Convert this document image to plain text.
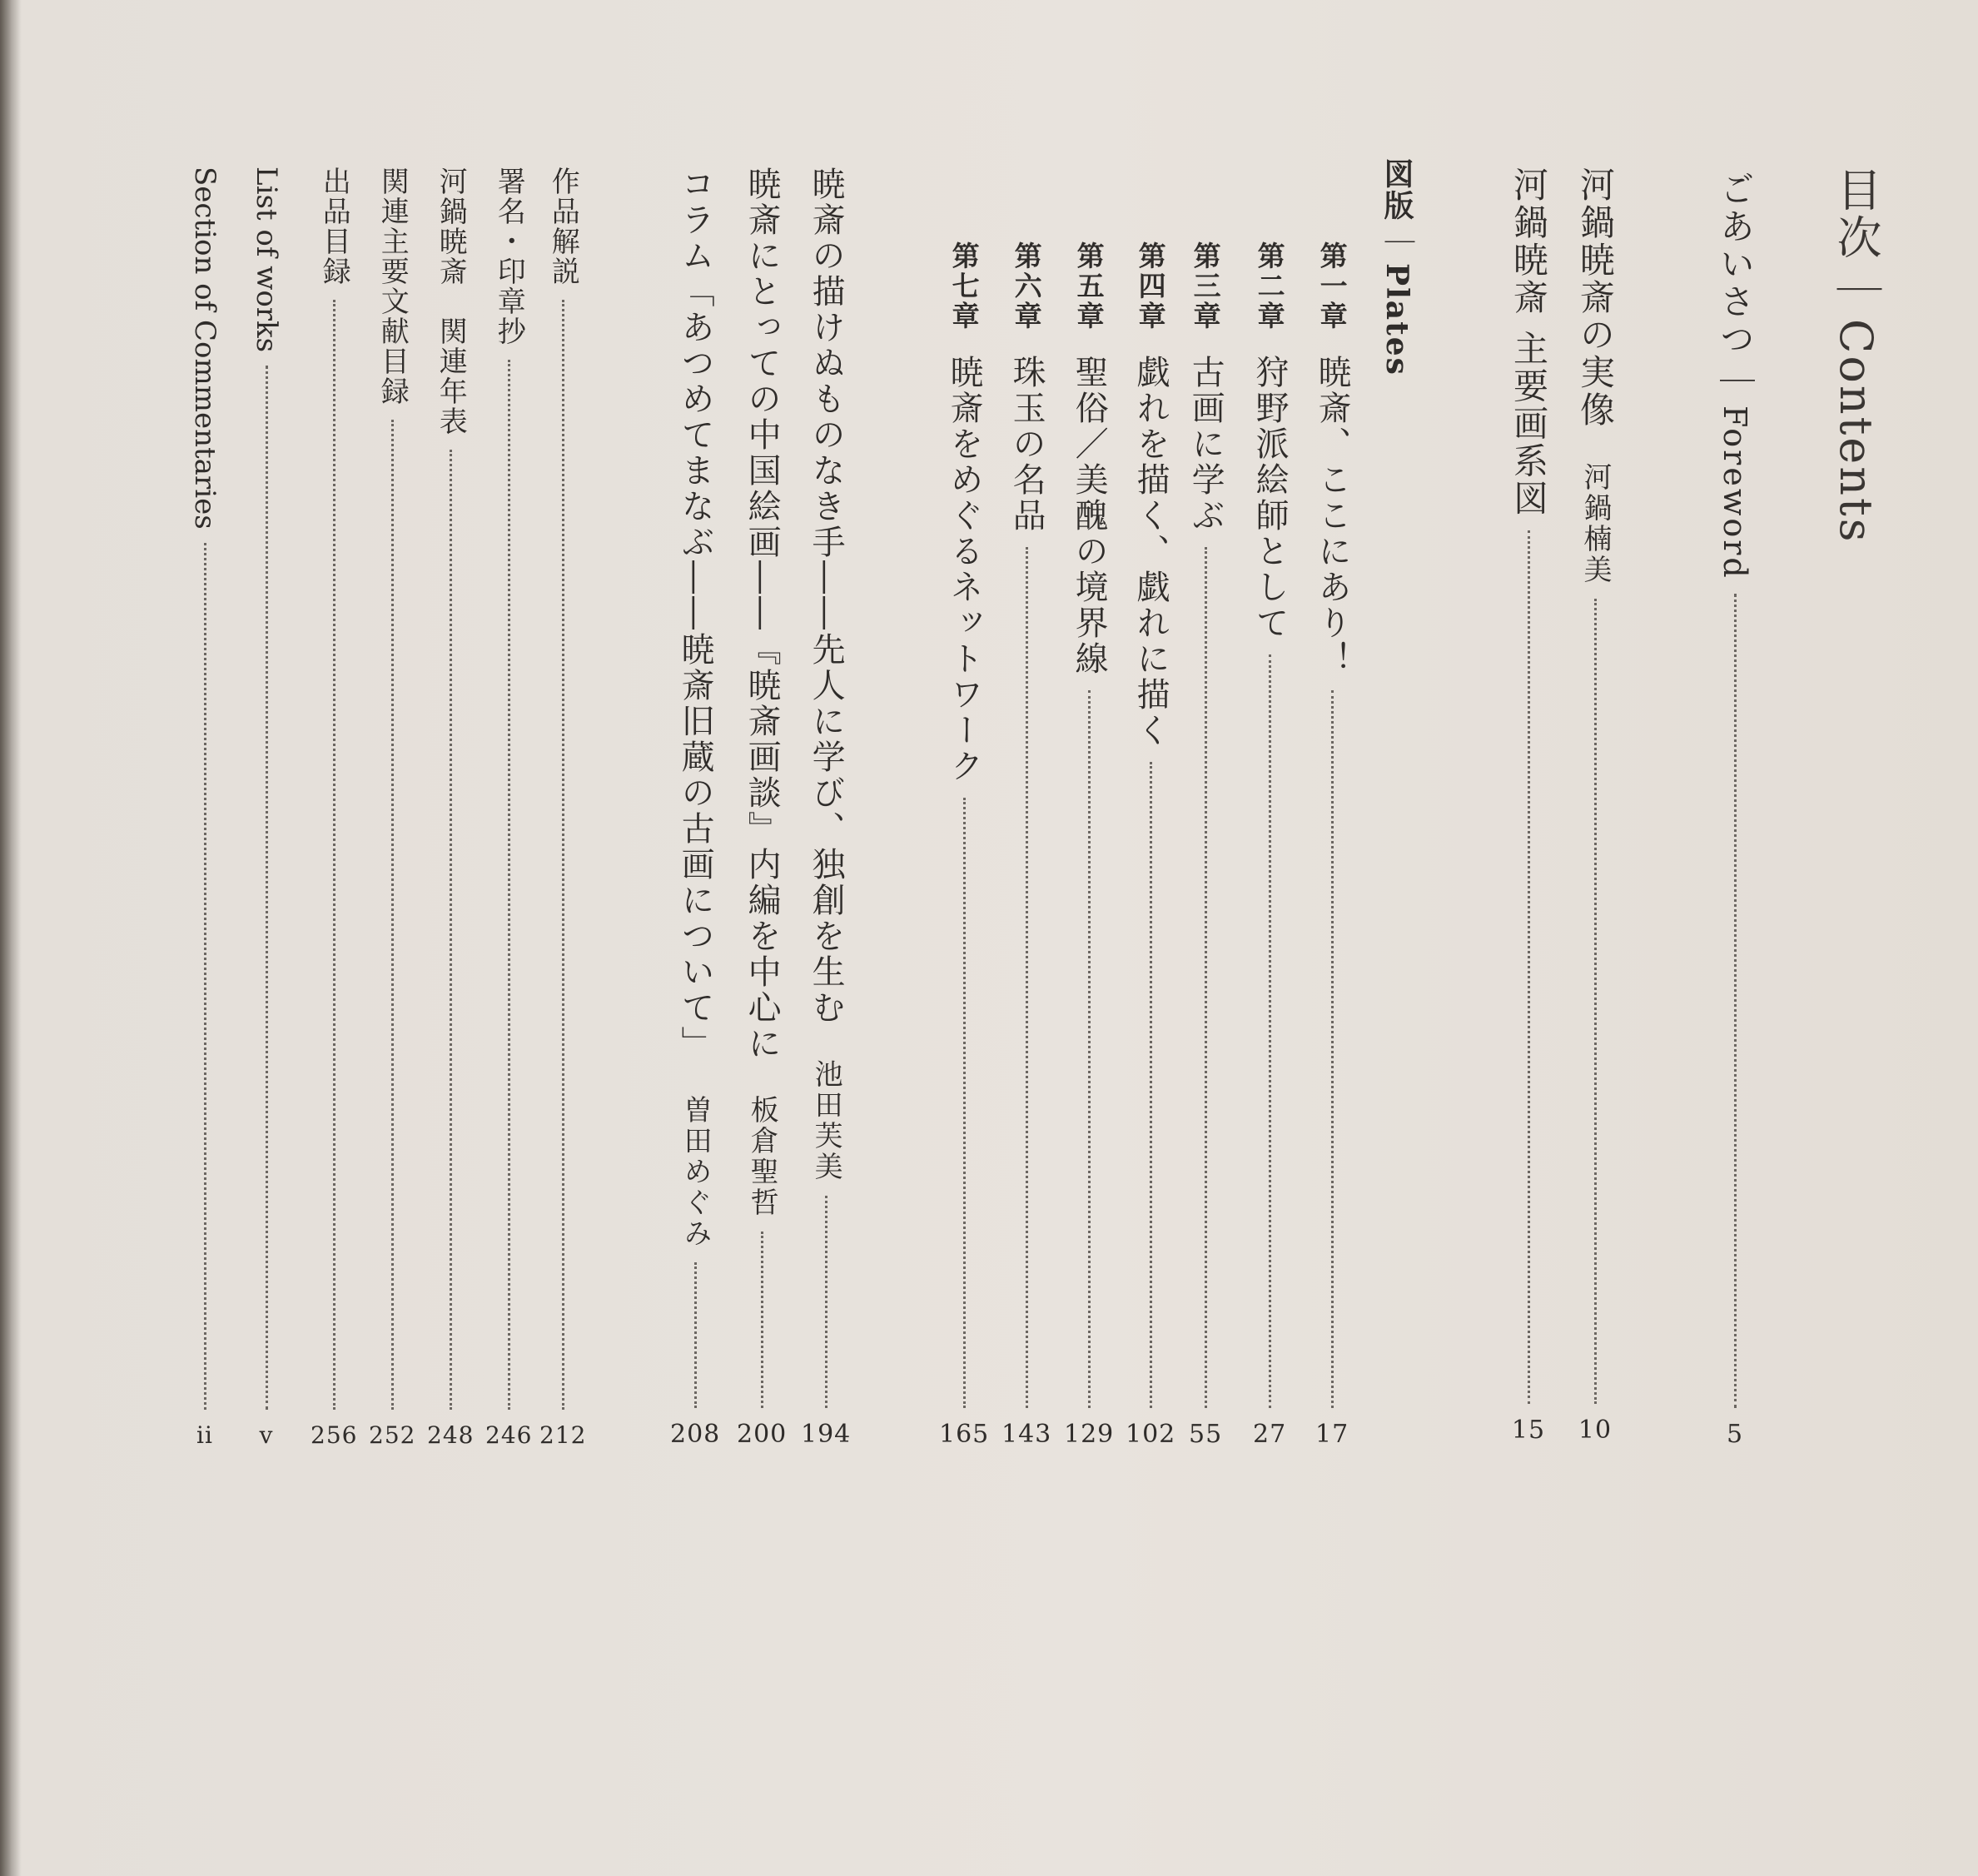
目次
｜
Contents
ごあいさつ
｜
Foreword
5
河鍋暁斎の実像
河鍋楠美
10
河鍋暁斎 主要画系図
15
図版
｜
Plates
第一章
暁斎、ここにあり！
17
第二章
狩野派絵師として
27
第三章
古画に学ぶ
55
第四章
戯れを描く、戯れに描く
102
第五章
聖俗／美醜の境界線
129
第六章
珠玉の名品
143
第七章
暁斎をめぐるネットワーク
165
暁斎の描けぬものなき手――先人に学び、独創を生む
池田芙美
194
暁斎にとっての中国絵画――『暁斎画談』内編を中心に
板倉聖哲
200
コラム「あつめてまなぶ――暁斎旧蔵の古画について」
曽田めぐみ
208
作品解説
212
署名・印章抄
246
河鍋暁斎　関連年表
248
関連主要文献目録
252
出品目録
256
List of works
v
Section of Commentaries
ii
